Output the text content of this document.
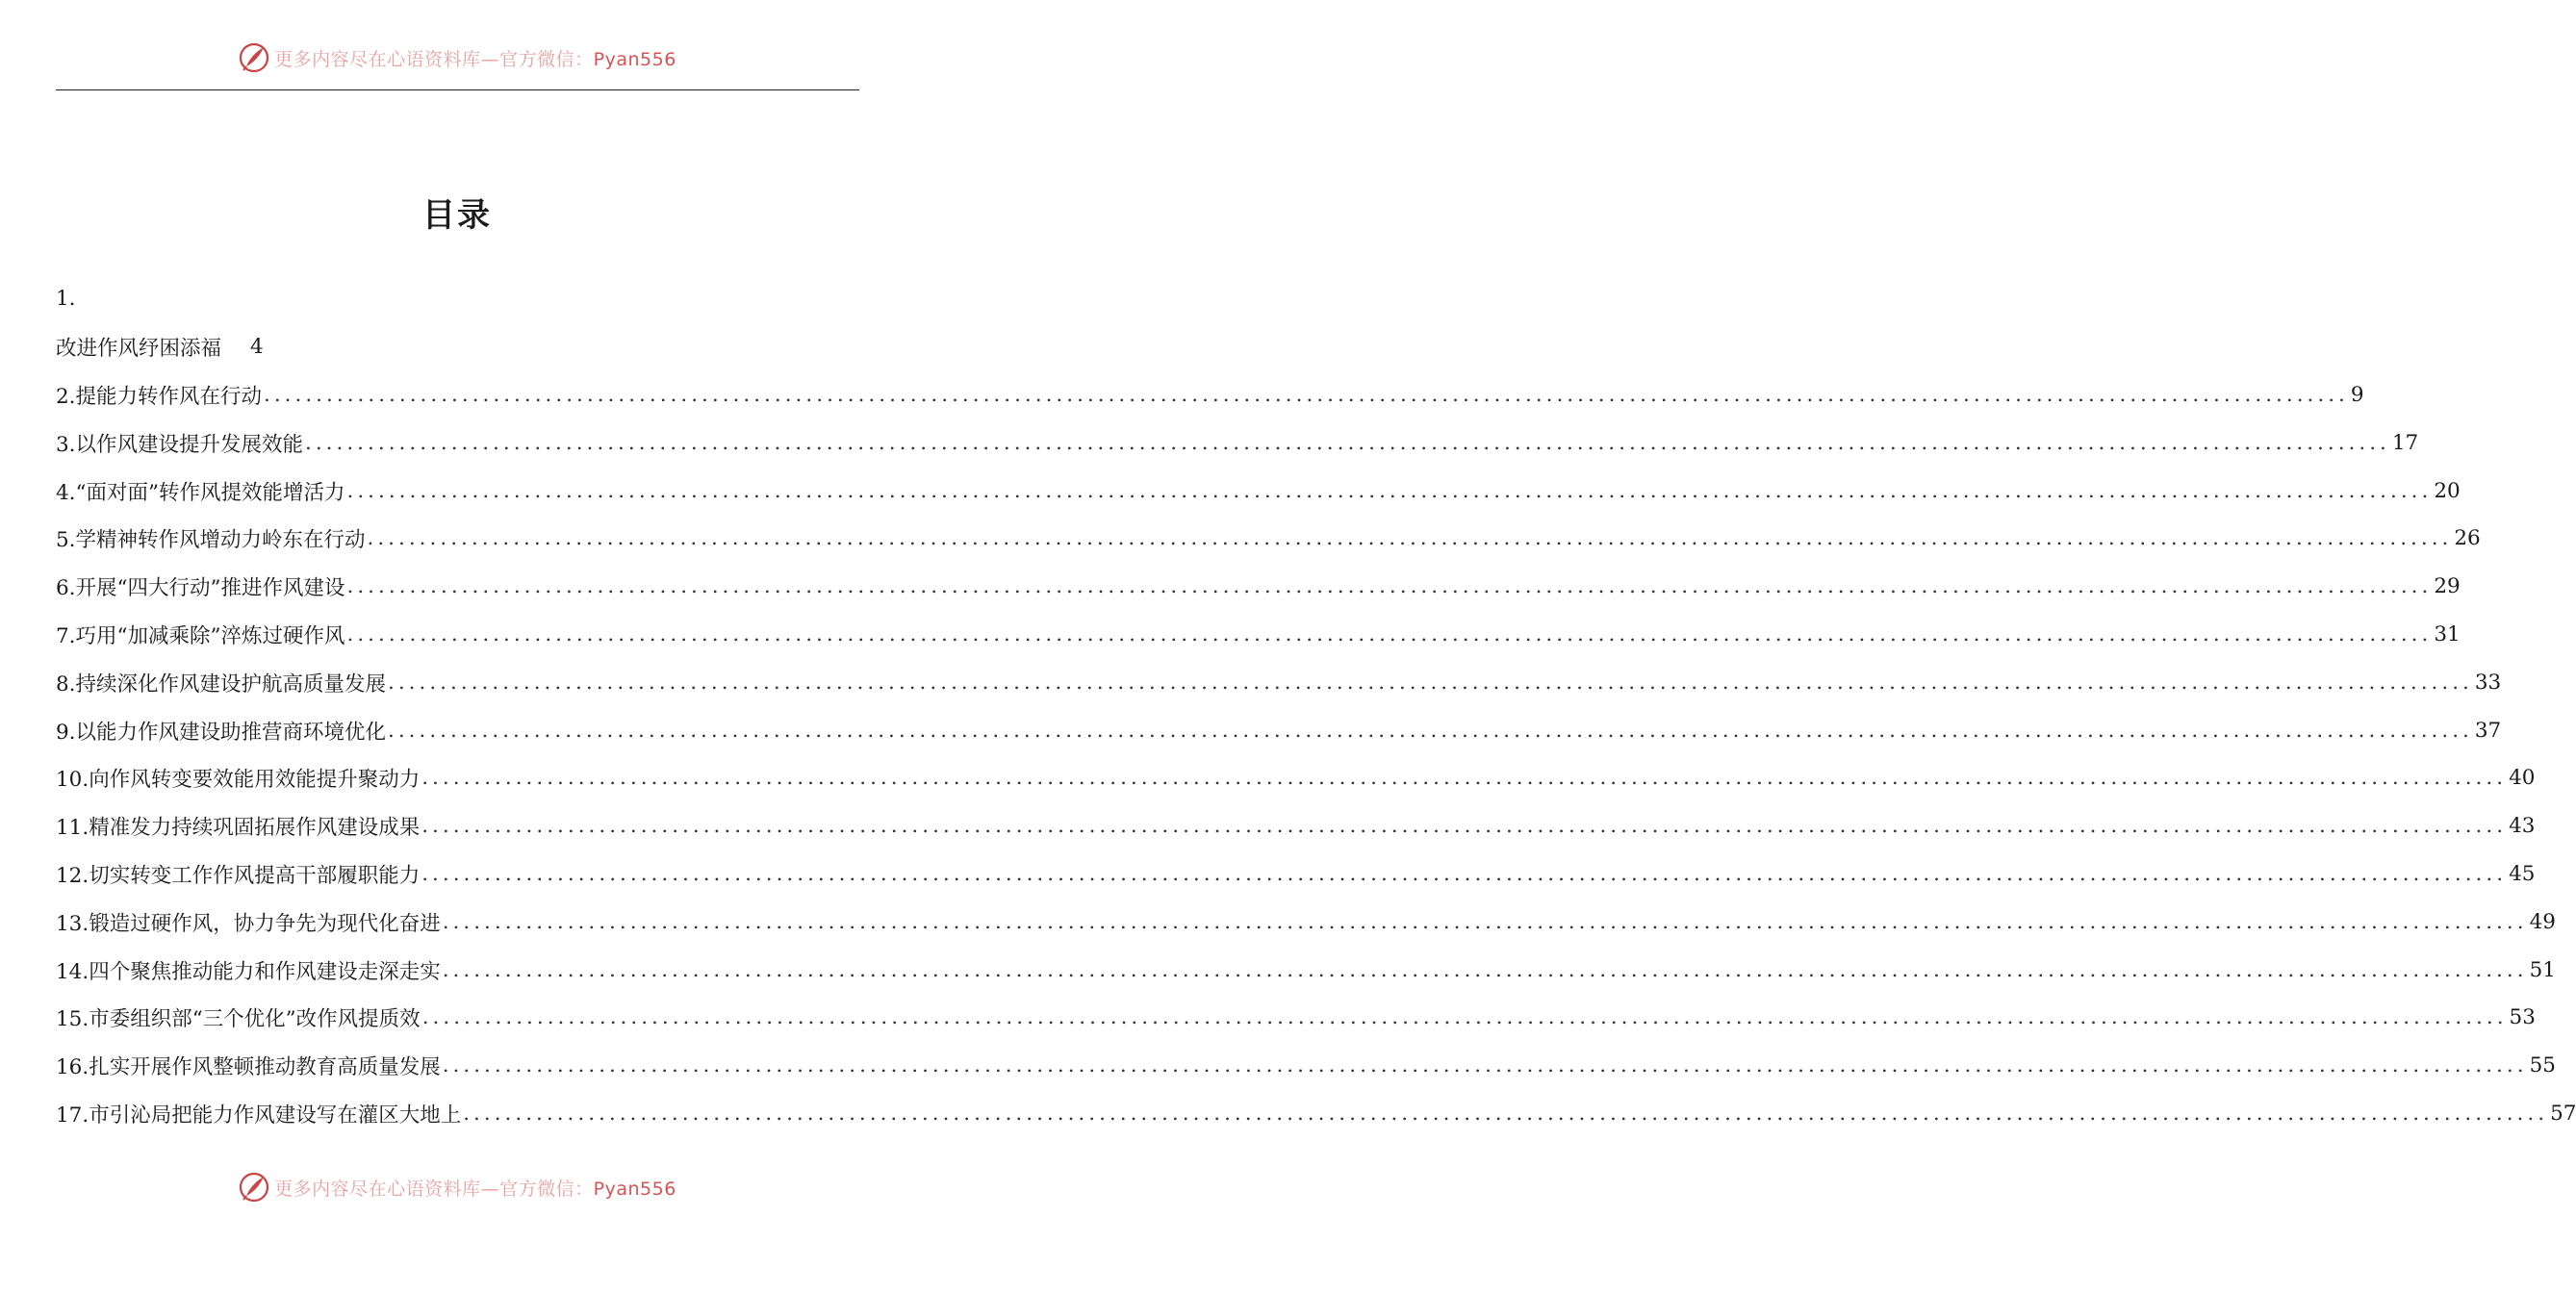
更多内容尽在心语资料库—官方微信：Pyan556
目录
1.
改进作风纾困添福 4
2.提能力转作风在行动 ........................................................................................................................................................................................................ 9
3.以作风建设提升发展效能 ........................................................................................................................................................................................................ 17
4.“面对面”转作风提效能增活力 ........................................................................................................................................................................................................ 20
5.学精神转作风增动力岭东在行动 ........................................................................................................................................................................................................ 26
6.开展“四大行动”推进作风建设 ........................................................................................................................................................................................................ 29
7.巧用“加减乘除”淬炼过硬作风 ........................................................................................................................................................................................................ 31
8.持续深化作风建设护航高质量发展 ........................................................................................................................................................................................................ 33
9.以能力作风建设助推营商环境优化 ........................................................................................................................................................................................................ 37
10.向作风转变要效能用效能提升聚动力 ........................................................................................................................................................................................................ 40
11.精准发力持续巩固拓展作风建设成果 ........................................................................................................................................................................................................ 43
12.切实转变工作作风提高干部履职能力 ........................................................................................................................................................................................................ 45
13.锻造过硬作风，协力争先为现代化奋进 ........................................................................................................................................................................................................ 49
14.四个聚焦推动能力和作风建设走深走实 ........................................................................................................................................................................................................ 51
15.市委组织部“三个优化”改作风提质效 ........................................................................................................................................................................................................ 53
16.扎实开展作风整顿推动教育高质量发展 ........................................................................................................................................................................................................ 55
17.市引沁局把能力作风建设写在灌区大地上 ........................................................................................................................................................................................................ 57
更多内容尽在心语资料库—官方微信：Pyan556
